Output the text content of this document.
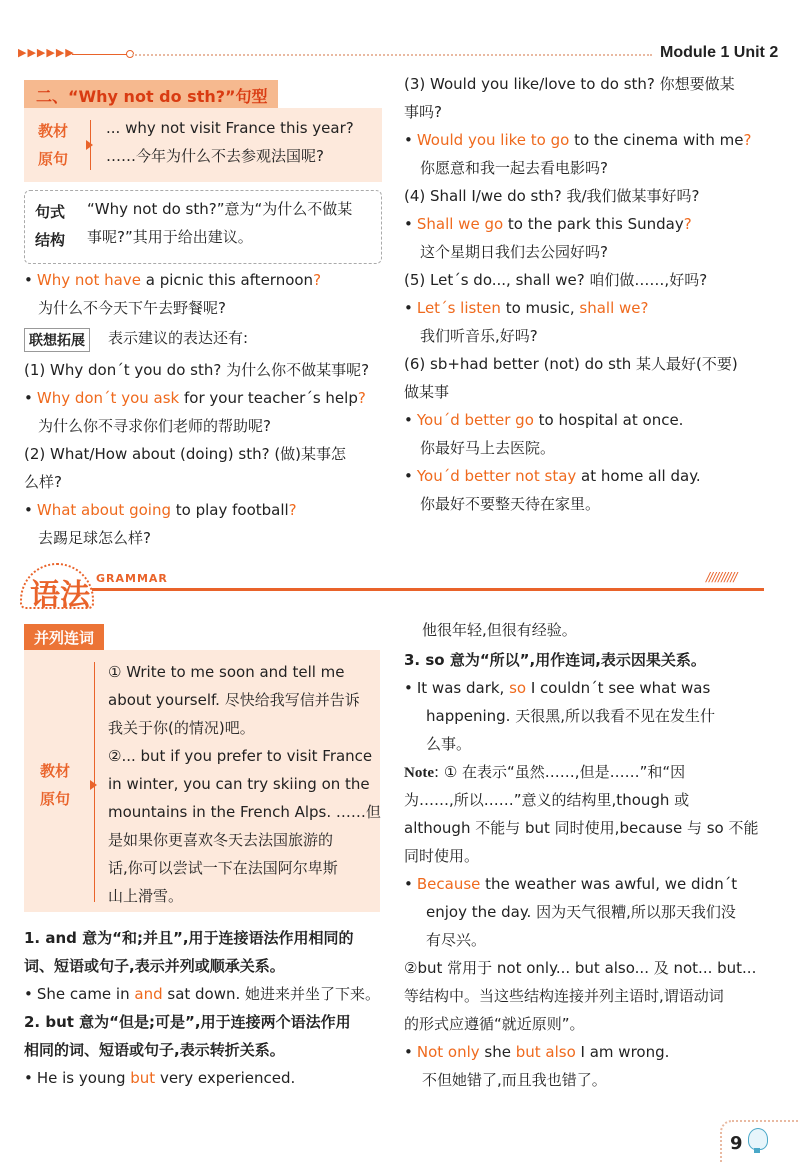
▶▶▶▶▶▶	Module 1 Unit 2
二、“Why not do sth?”句型
教材
原句
... why not visit France this year?
……今年为什么不去参观法国呢?
句式
结构
“Why not do sth?”意为“为什么不做某
事呢?”其用于给出建议。
• Why not have a picnic this afternoon?
为什么不今天下午去野餐呢?
联想拓展	表示建议的表达还有:
(1) Why don´t you do sth? 为什么你不做某事呢?
• Why don´t you ask for your teacher´s help?
为什么你不寻求你们老师的帮助呢?
(2) What/How about (doing) sth? (做)某事怎
么样?
• What about going to play football?
去踢足球怎么样?
(3) Would you like/love to do sth? 你想要做某
事吗?
• Would you like to go to the cinema with me?
你愿意和我一起去看电影吗?
(4) Shall I/we do sth? 我/我们做某事好吗?
• Shall we go to the park this Sunday?
这个星期日我们去公园好吗?
(5) Let´s do..., shall we? 咱们做……,好吗?
• Let´s listen to music, shall we?
我们听音乐,好吗?
(6) sb+had better (not) do sth 某人最好(不要)
做某事
• You´d better go to hospital at once.
你最好马上去医院。
• You´d better not stay at home all day.
你最好不要整天待在家里。
语法 GRAMMAR	//////////
并列连词
教材
原句
① Write to me soon and tell me
about yourself. 尽快给我写信并告诉
我关于你(的情况)吧。
②... but if you prefer to visit France
in winter, you can try skiing on the
mountains in the French Alps. ……但
是如果你更喜欢冬天去法国旅游的
话,你可以尝试一下在法国阿尔卑斯
山上滑雪。
1. and 意为“和;并且”,用于连接语法作用相同的
词、短语或句子,表示并列或顺承关系。
• She came in and sat down. 她进来并坐了下来。
2. but 意为“但是;可是”,用于连接两个语法作用
相同的词、短语或句子,表示转折关系。
• He is young but very experienced.
他很年轻,但很有经验。
3. so 意为“所以”,用作连词,表示因果关系。
• It was dark, so I couldn´t see what was
happening. 天很黑,所以我看不见在发生什
么事。
Note: ① 在表示“虽然……,但是……”和“因
为……,所以……”意义的结构里,though 或
although 不能与 but 同时使用,because 与 so 不能
同时使用。
• Because the weather was awful, we didn´t
enjoy the day. 因为天气很糟,所以那天我们没
有尽兴。
②but 常用于 not only... but also... 及 not... but...
等结构中。当这些结构连接并列主语时,谓语动词
的形式应遵循“就近原则”。
• Not only she but also I am wrong.
不但她错了,而且我也错了。
9
